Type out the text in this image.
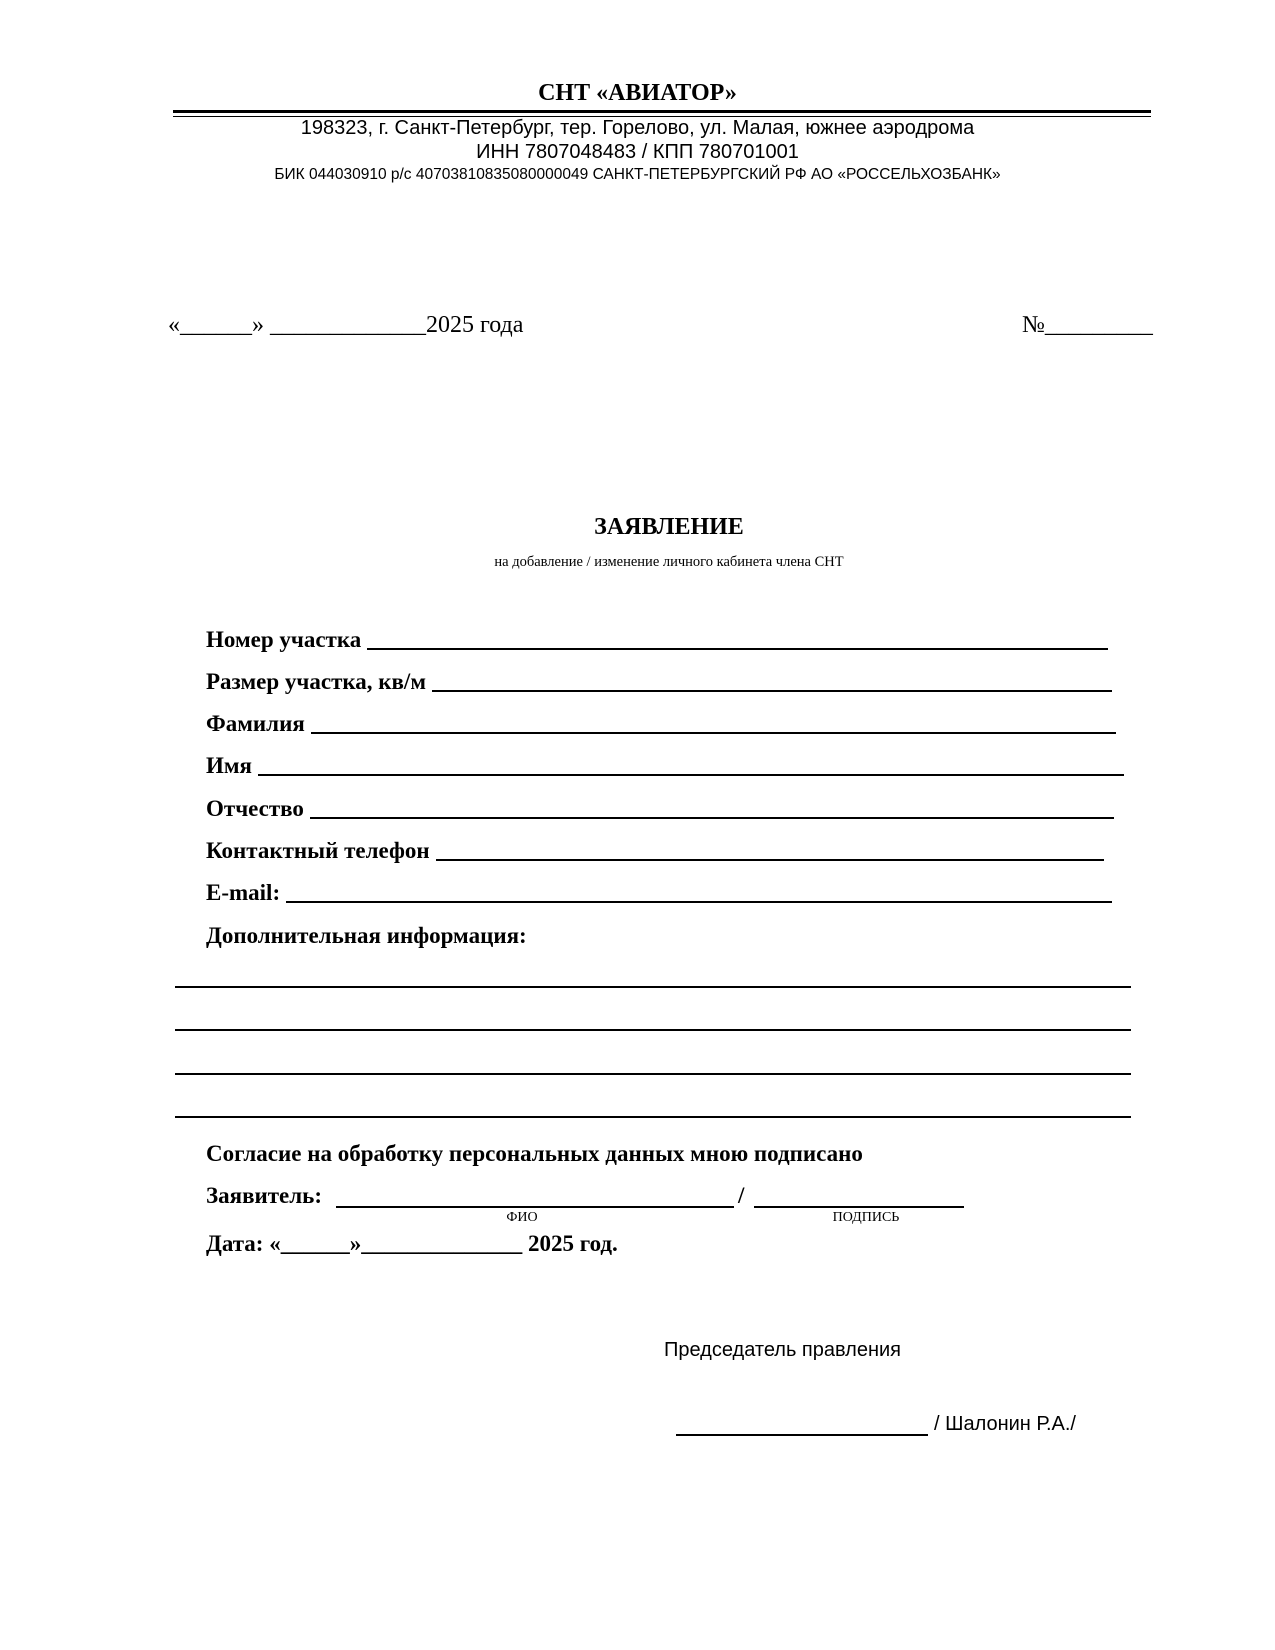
СНТ «АВИАТОР»
198323, г. Санкт-Петербург, тер. Горелово, ул. Малая, южнее аэродрома
ИНН 7807048483 / КПП 780701001
БИК 044030910 р/с 40703810835080000049 САНКТ-ПЕТЕРБУРГСКИЙ РФ АО «РОССЕЛЬХОЗБАНК»
«______» _____________2025 года	№_________
ЗАЯВЛЕНИЕ
на добавление / изменение личного кабинета члена СНТ
Номер участка
Размер участка, кв/м
Фамилия
Имя
Отчество
Контактный телефон
E-mail:
Дополнительная информация:
Согласие на обработку персональных данных мною подписано
Заявитель:	/
ФИО	ПОДПИСЬ
Дата: «______»______________ 2025 год.
Председатель правления
/ Шалонин Р.А./
